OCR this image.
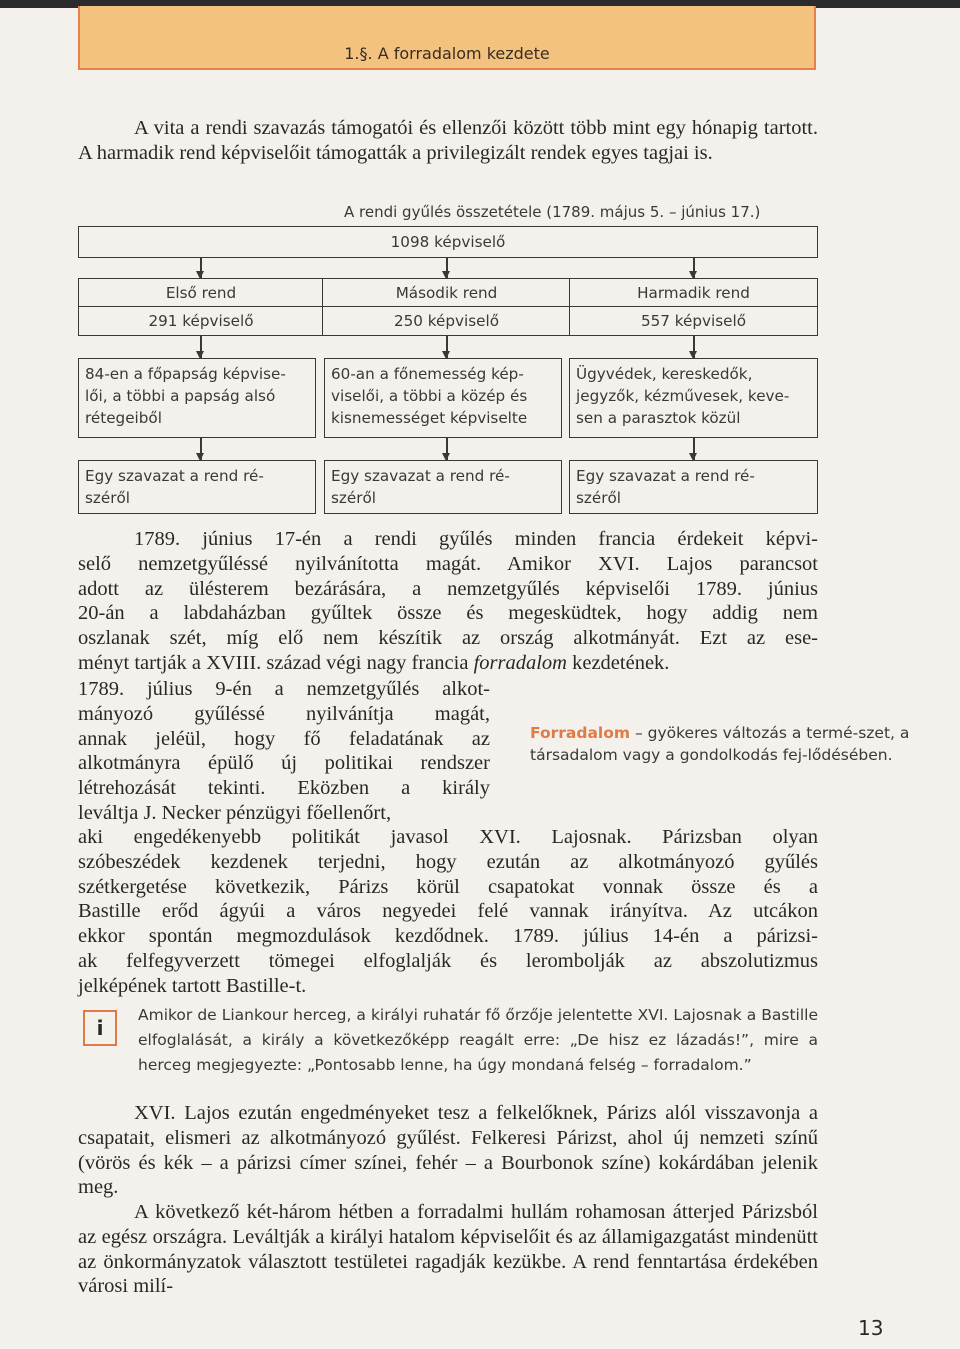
1.§. A forradalom kezdete

A vita a rendi szavazás támogatói és ellenzői között több mint egy hónapig tartott. A harmadik rend képviselőit támogatták a privilegizált rendek egyes tagjai is.

A rendi gyűlés összetétele (1789. május 5. – június 17.)
1098 képviselő
Első rend	Második rend	Harmadik rend
291 képviselő	250 képviselő	557 képviselő
84-en a főpapság képvise-
lői, a többi a papság alsó
rétegeiből
60-an a főnemesség kép-
viselői, a többi a közép és
kisnemességet képviselte
Ügyvédek, kereskedők,
jegyzők, kézművesek, keve-
sen a parasztok közül
Egy szavazat a rend ré-
széről
Egy szavazat a rend ré-
széről
Egy szavazat a rend ré-
széről
1789. június 17-én a rendi gyűlés minden francia érdekeit képvi-
selő nemzetgyűléssé nyilvánította magát. Amikor XVI. Lajos parancsot
adott az ülésterem bezárására, a nemzetgyűlés képviselői 1789. június
20-án a labdaházban gyűltek össze és megesküdtek, hogy addig nem
oszlanak szét, míg elő nem készítik az ország alkotmányát. Ezt az ese-
ményt tartják a XVIII. század végi nagy francia forradalom kezdetének.
1789. július 9-én a nemzetgyűlés alkot-
mányozó gyűléssé nyilvánítja magát,
annak jeléül, hogy fő feladatának az
alkotmányra épülő új politikai rendszer
létrehozását tekinti. Eközben a király
leváltja J. Necker pénzügyi főellenőrt,
Forradalom – gyökeres változás a termé-szet, a társadalom vagy a gondolkodás fej-lődésében.
aki engedékenyebb politikát javasol XVI. Lajosnak. Párizsban olyan
szóbeszédek kezdenek terjedni, hogy ezután az alkotmányozó gyűlés
szétkergetése következik, Párizs körül csapatokat vonnak össze és a
Bastille erőd ágyúi a város negyedei felé vannak irányítva. Az utcákon
ekkor spontán megmozdulások kezdődnek. 1789. július 14-én a párizsi-
ak felfegyverzett tömegei elfoglalják és lerombolják az abszolutizmus
jelképének tartott Bastille-t.
i
Amikor de Liankour herceg, a királyi ruhatár fő őrzője jelentette XVI. Lajosnak a Bastille elfoglalását, a király a következőképp reagált erre: „De hisz ez lázadás!”, mire a herceg megjegyezte: „Pontosabb lenne, ha úgy mondaná felség – forradalom.”

XVI. Lajos ezután engedményeket tesz a felkelőknek, Párizs alól visszavonja a csapatait, elismeri az alkotmányozó gyűlést. Felkeresi Párizst, ahol új nemzeti színű (vörös és kék – a párizsi címer színei, fehér – a Bourbonok színe) kokárdában jelenik meg.

A következő két-három hétben a forradalmi hullám rohamosan átterjed Párizsból az egész országra. Leváltják a királyi hatalom képviselőit és az államigazgatást mindenütt az önkormányzatok választott testületei ragadják kezükbe. A rend fenntartása érdekében városi milí-

13
